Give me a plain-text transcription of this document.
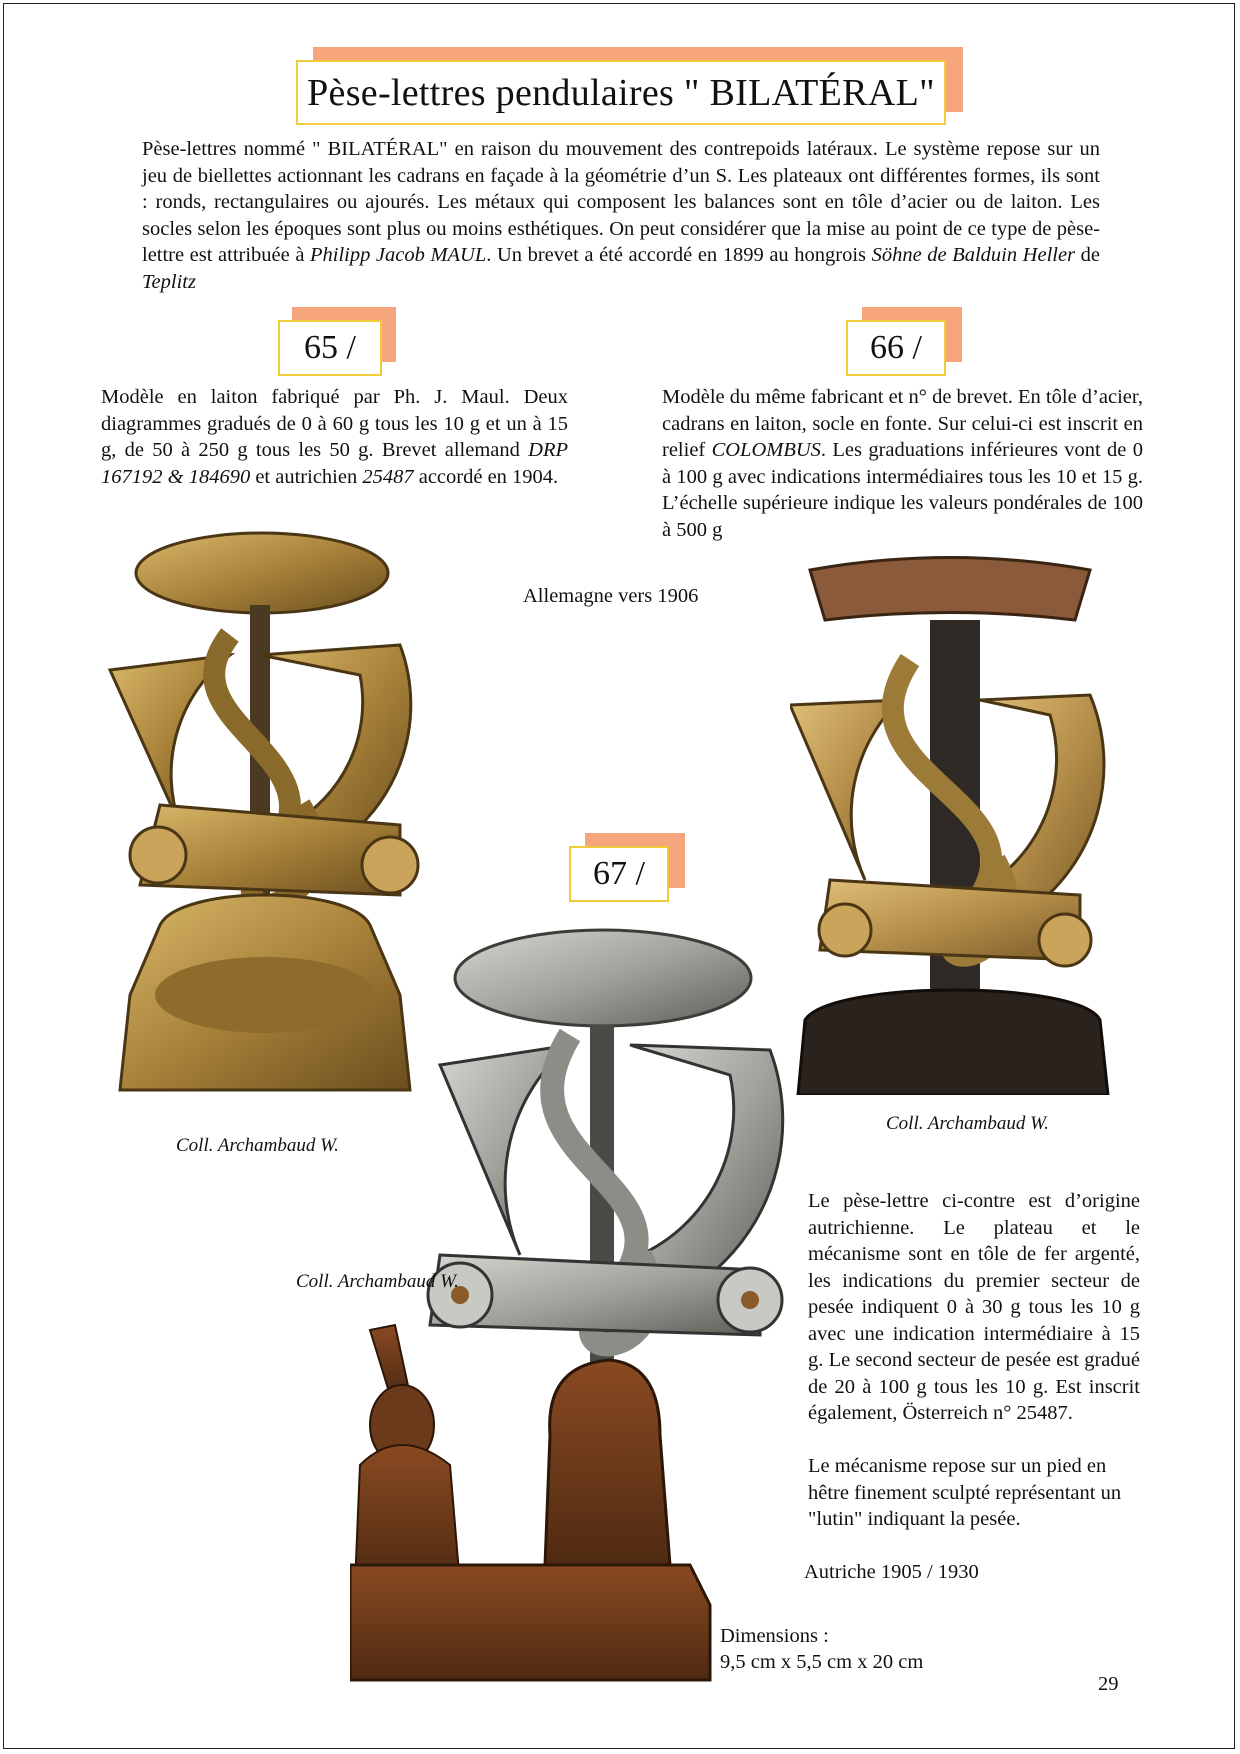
Pèse-lettres pendulaires " BILATÉRAL"

Pèse-lettres nommé " BILATÉRAL" en raison du mouvement des contrepoids latéraux. Le système repose sur un jeu de biellettes actionnant les cadrans en façade à la géométrie d’un S. Les plateaux ont différentes formes, ils sont : ronds, rectangulaires ou ajourés. Les métaux qui composent les balances sont en tôle d’acier ou de laiton. Les socles selon les époques sont plus ou moins esthétiques. On peut considérer que la mise au point de ce type de pèse-lettre est attribuée à Philipp Jacob MAUL. Un brevet a été accordé en 1899 au hongrois Söhne de Balduin Heller de Teplitz

65 /	66 /

Modèle en laiton fabriqué par Ph. J. Maul. Deux diagrammes gradués de 0 à 60 g tous les 10 g et un à 15 g, de 50 à 250 g tous les 50 g. Brevet allemand DRP 167192 & 184690 et autrichien 25487 accordé en 1904.

Modèle du même fabricant et n° de brevet. En tôle d’acier, cadrans en laiton, socle en fonte. Sur celui-ci est inscrit en relief COLOMBUS. Les graduations inférieures vont de 0 à 100 g avec indications intermédiaires tous les 10 et 15 g. L’échelle supérieure indique les valeurs pondérales de 100 à 500 g

Allemagne vers 1906
Coll. Archambaud W.
Coll. Archambaud W.
67 /
Coll. Archambaud W.

Le pèse-lettre ci-contre est d’origine autrichienne. Le plateau et le mécanisme sont en tôle de fer argenté, les indications du premier secteur de pesée indiquent 0 à 30 g tous les 10 g avec une indication intermédiaire à 15 g. Le second secteur de pesée est gradué de 20 à 100 g tous les 10 g. Est inscrit également, Österreich n° 25487.

Le mécanisme repose sur un pied en hêtre finement sculpté représentant un "lutin" indiquant la pesée.

Autriche 1905 / 1930
Dimensions :
9,5 cm x 5,5 cm x 20 cm
29
